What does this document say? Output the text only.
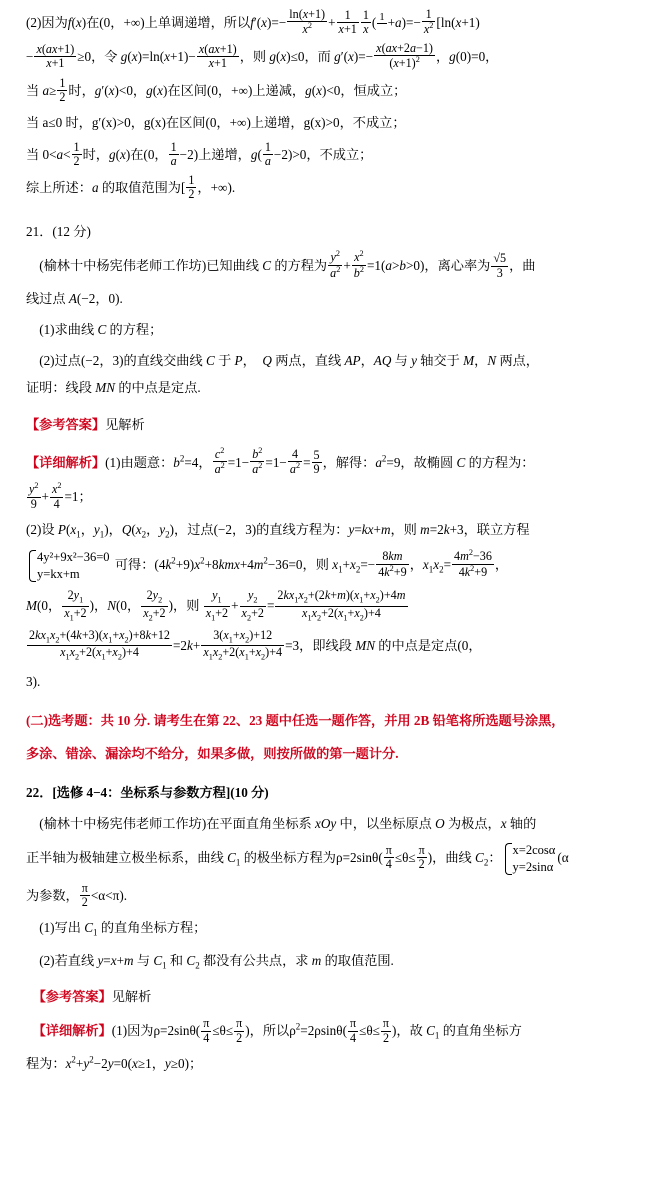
(2)因为f(x)在(0，+∞)上单调递增，所以$f'(x)=- \frac{\ln(x+1)}{x^2} + \frac{1}{x+1} \frac{1}{x}$ ( 1
$+a)=- \frac{1}{x^2} [\ln(x+1)$
− $\frac{x(ax+1)}{x+1} \ge 0$，令 $g(x)=\ln(x+1)- \frac{x(ax+1)}{x+1}$ ，则 g(x)≤0，而 $g'(x)=- \frac{x(ax+2a-1)}{(x+1)^2}$ ，g(0)=0，
当 $a\ge \frac{1}{2}$ 时，g′(x)<0，g(x)在区间(0，+∞)上递减，g(x)<0，恒成立；
当 a≤0 时，g′(x)>0，g(x)在区间(0，+∞)上递增，g(x)>0，不成立；
当 $0<a< \frac{1}{2}$ 时，g(x)在(0， $\frac{1}{a} -2$)上递增，$g( \frac{1}{a} -2)>0$，不成立；
综上所述：a 的取值范围为[ $\frac{1}{2}$ ，+∞).
21．(12 分)
(榆林十中杨宪伟老师工作坊)已知曲线 C 的方程为 $\frac{y^2}{a^2} + \frac{x^2}{b^2} =1(a>b>0)$，离心率为 $\frac{√5}{3}$ ，曲
线过点 A(−2，0).
(1)求曲线 C 的方程；
(2)过点(−2，3)的直线交曲线 C 于 P，  Q 两点，直线 AP，AQ 与 y 轴交于 M，N 两点，
证明：线段 MN 的中点是定点.
【参考答案】见解析
【详细解析】(1)由题意：$b^2=4$， $\frac{c^2}{a^2} =1- \frac{b^2}{a^2} =1- \frac{4}{a^2} = \frac{5}{9}$ ，解得：$a^2=9$，故椭圆 C 的方程为：
$\frac{y^2}{9} + \frac{x^2}{4} =1$；
(2)设 $P(x_1$，$y_1$)，$Q(x_2$，$y_2$)，过点(−2，3)的直线方程为：y=kx+m，则 m=2k+3，联立方程
4y²+9x²−36=0
y=kx+m
可得：$(4k^2+9)x^2+8kmx+4m^2-36=0$，则 $x_1+x_2=- \frac{8km}{4k^2+9}$ ，$x_1x_2= \frac{4m^2-36}{4k^2+9}$ ，
M(0， $\frac{2y_1}{x_1+2}$ )，N(0， $\frac{2y_2}{x_2+2}$ )，则 $\frac{y_1}{x_1+2} + \frac{y_2}{x_2+2} = \frac{2kx_1x_2+(2k+m)(x_1+x_2)+4m}{x_1x_2+2(x_1+x_2)+4}$
$\frac{2kx_1x_2+(4k+3)(x_1+x_2)+8k+12}{x_1x_2+2(x_1+x_2)+4} =2k+ \frac{3(x_1+x_2)+12}{x_1x_2+2(x_1+x_2)+4} =3$，即线段 MN 的中点是定点(0，
3).
(二)选考题：共 10 分. 请考生在第 22、23 题中任选一题作答，并用 2B 铅笔将所选题号涂黑，
多涂、错涂、漏涂均不给分，如果多做，则按所做的第一题计分.
22．[选修 4−4：坐标系与参数方程](10 分)
(榆林十中杨宪伟老师工作坊)在平面直角坐标系 xOy 中，以坐标原点 O 为极点，x 轴的
正半轴为极轴建立极坐标系，曲线 $C_1$ 的极坐标方程为$\rho=2\sin\theta( \frac{\pi}{4} \le\theta\le \frac{\pi}{2}$ )，曲线 $C_2$： x=2cosα
y=2sinα
(α
为参数， $\frac{\pi}{2} <\alpha<\pi$).
(1)写出 $C_1$ 的直角坐标方程；
(2)若直线 y=x+m 与 $C_1$ 和 $C_2$ 都没有公共点，求 m 的取值范围.
【参考答案】见解析
【详细解析】(1)因为$\rho=2\sin\theta( \frac{\pi}{4} \le\theta\le \frac{\pi}{2}$ )，所以$\rho^2=2\rho\sin\theta( \frac{\pi}{4} \le\theta\le \frac{\pi}{2}$ )，故 $C_1$ 的直角坐标方
程为：$x^2+y^2-2y=0(x\ge 1$，y≥0)；
